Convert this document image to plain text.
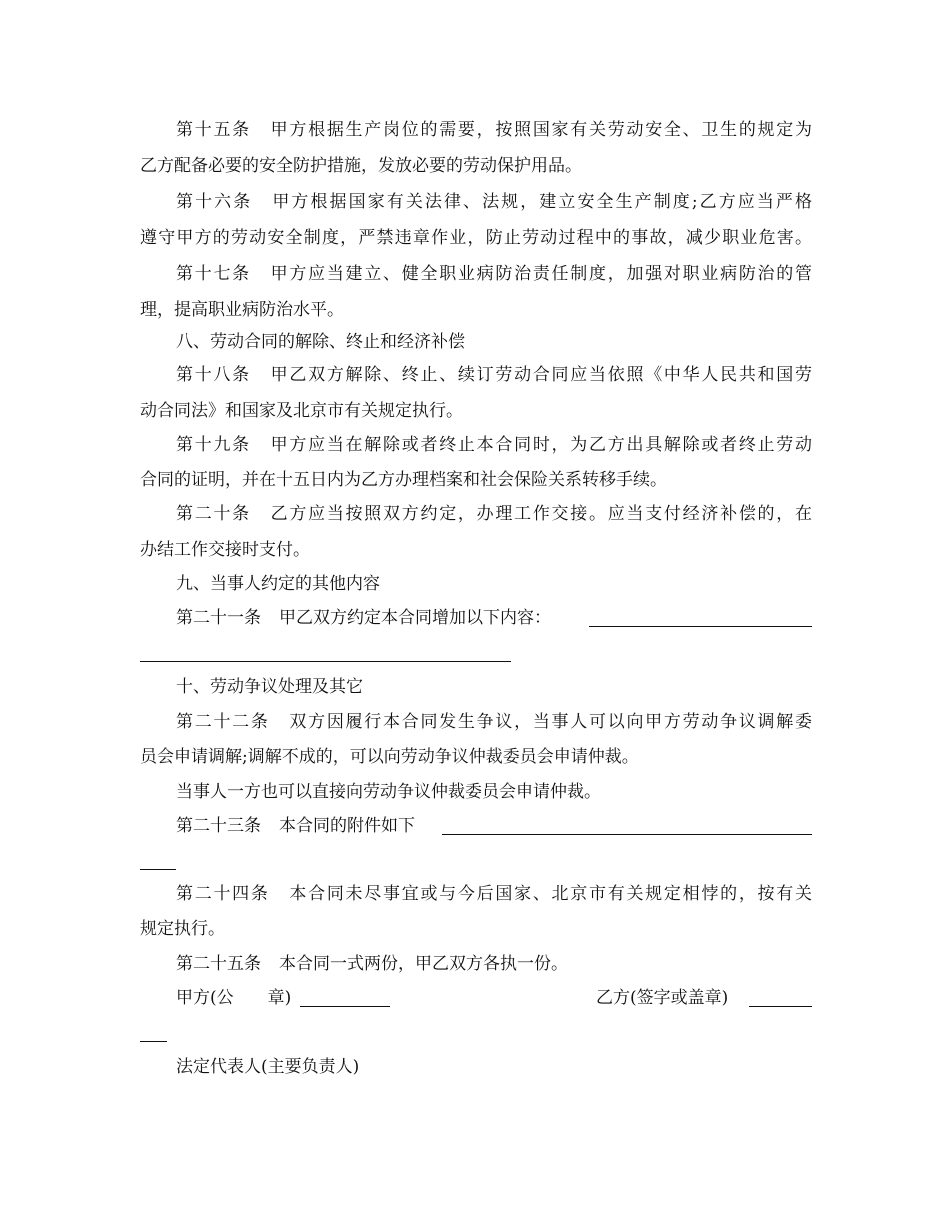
第十五条 甲方根据生产岗位的需要，按照国家有关劳动安全、卫生的规定为
乙方配备必要的安全防护措施，发放必要的劳动保护用品。
第十六条 甲方根据国家有关法律、法规，建立安全生产制度;乙方应当严格
遵守甲方的劳动安全制度，严禁违章作业，防止劳动过程中的事故，减少职业危害。
第十七条 甲方应当建立、健全职业病防治责任制度，加强对职业病防治的管
理，提高职业病防治水平。
八、劳动合同的解除、终止和经济补偿
第十八条 甲乙双方解除、终止、续订劳动合同应当依照《中华人民共和国劳
动合同法》和国家及北京市有关规定执行。
第十九条 甲方应当在解除或者终止本合同时，为乙方出具解除或者终止劳动
合同的证明，并在十五日内为乙方办理档案和社会保险关系转移手续。
第二十条 乙方应当按照双方约定，办理工作交接。应当支付经济补偿的，在
办结工作交接时支付。
九、当事人约定的其他内容
第二十一条 甲乙双方约定本合同增加以下内容：
十、劳动争议处理及其它
第二十二条 双方因履行本合同发生争议，当事人可以向甲方劳动争议调解委
员会申请调解;调解不成的，可以向劳动争议仲裁委员会申请仲裁。
当事人一方也可以直接向劳动争议仲裁委员会申请仲裁。
第二十三条 本合同的附件如下
第二十四条 本合同未尽事宜或与今后国家、北京市有关规定相悖的，按有关
规定执行。
第二十五条 本合同一式两份，甲乙双方各执一份。
甲方(公　　章)	乙方(签字或盖章)
法定代表人(主要负责人)
